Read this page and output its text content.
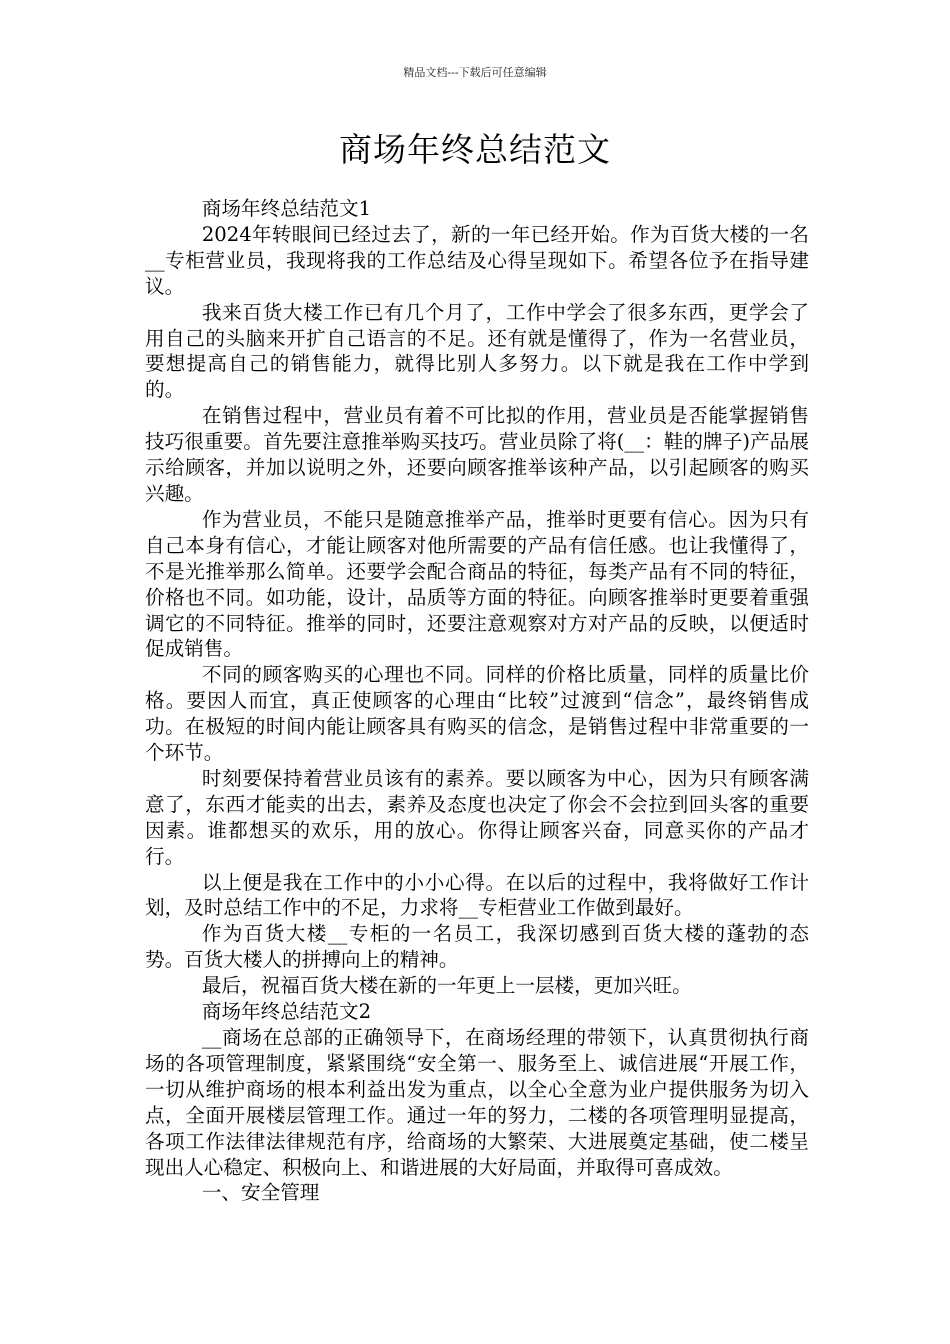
精品文档---下载后可任意编辑
商场年终总结范文

商场年终总结范文1

2024年转眼间已经过去了，新的一年已经开始。作为百货大楼的一名__专柜营业员，我现将我的工作总结及心得呈现如下。希望各位予在指导建议。

我来百货大楼工作已有几个月了，工作中学会了很多东西，更学会了用自己的头脑来开扩自己语言的不足。还有就是懂得了，作为一名营业员，要想提高自己的销售能力，就得比别人多努力。以下就是我在工作中学到的。

在销售过程中，营业员有着不可比拟的作用，营业员是否能掌握销售技巧很重要。首先要注意推举购买技巧。营业员除了将(__：鞋的牌子)产品展示给顾客，并加以说明之外，还要向顾客推举该种产品，以引起顾客的购买兴趣。

作为营业员，不能只是随意推举产品，推举时更要有信心。因为只有自己本身有信心，才能让顾客对他所需要的产品有信任感。也让我懂得了，不是光推举那么简单。还要学会配合商品的特征，每类产品有不同的特征，价格也不同。如功能，设计，品质等方面的特征。向顾客推举时更要着重强调它的不同特征。推举的同时，还要注意观察对方对产品的反映，以便适时促成销售。

不同的顾客购买的心理也不同。同样的价格比质量，同样的质量比价格。要因人而宜，真正使顾客的心理由“比较”过渡到“信念”，最终销售成功。在极短的时间内能让顾客具有购买的信念，是销售过程中非常重要的一个环节。

时刻要保持着营业员该有的素养。要以顾客为中心，因为只有顾客满意了，东西才能卖的出去，素养及态度也决定了你会不会拉到回头客的重要因素。谁都想买的欢乐，用的放心。你得让顾客兴奋，同意买你的产品才行。

以上便是我在工作中的小小心得。在以后的过程中，我将做好工作计划，及时总结工作中的不足，力求将__专柜营业工作做到最好。

作为百货大楼__专柜的一名员工，我深切感到百货大楼的蓬勃的态势。百货大楼人的拼搏向上的精神。

最后，祝福百货大楼在新的一年更上一层楼，更加兴旺。

商场年终总结范文2

__商场在总部的正确领导下，在商场经理的带领下，认真贯彻执行商场的各项管理制度，紧紧围绕“安全第一、服务至上、诚信进展“开展工作，一切从维护商场的根本利益出发为重点，以全心全意为业户提供服务为切入点，全面开展楼层管理工作。通过一年的努力，二楼的各项管理明显提高，各项工作法律法律规范有序，给商场的大繁荣、大进展奠定基础，使二楼呈现出人心稳定、积极向上、和谐进展的大好局面，并取得可喜成效。

一、安全管理
